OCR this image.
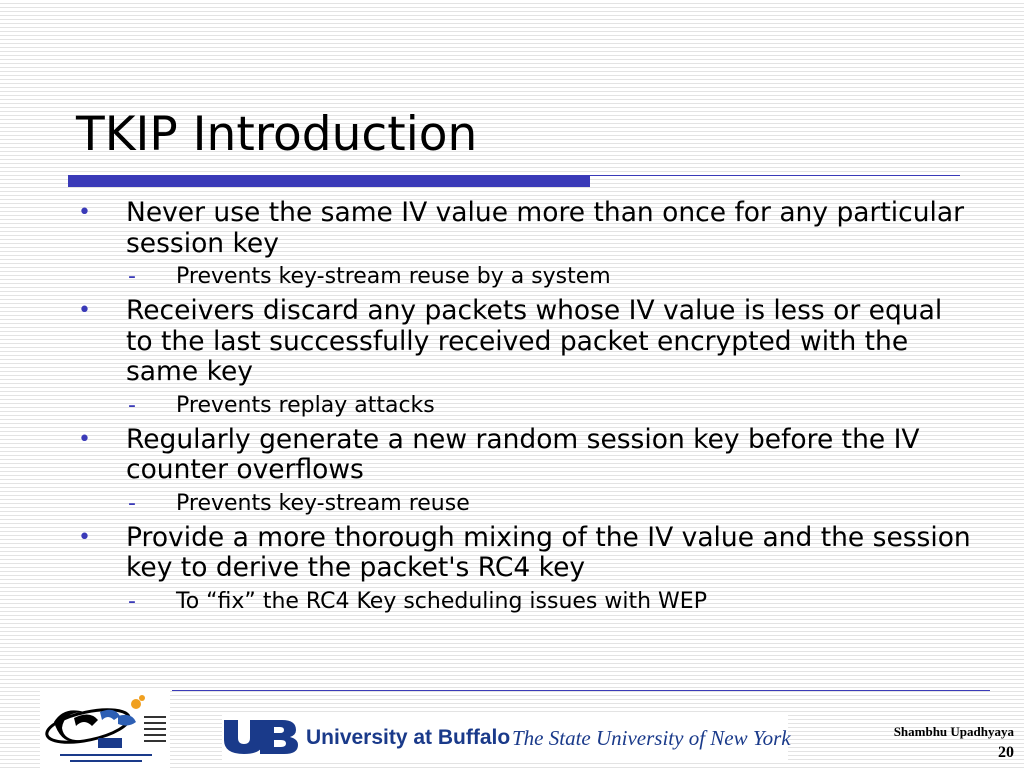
TKIP Introduction
• Never use the same IV value more than once for any particular session key
- Prevents key-stream reuse by a system
• Receivers discard any packets whose IV value is less or equal to the last successfully received packet encrypted with the same key
- Prevents replay attacks
• Regularly generate a new random session key before the IV counter overflows
- Prevents key-stream reuse
• Provide a more thorough mixing of the IV value and the session key to derive the packet's RC4 key
- To “fix” the RC4 Key scheduling issues with WEP
University at Buffalo The State University of New York	Shambhu Upadhyaya
20
